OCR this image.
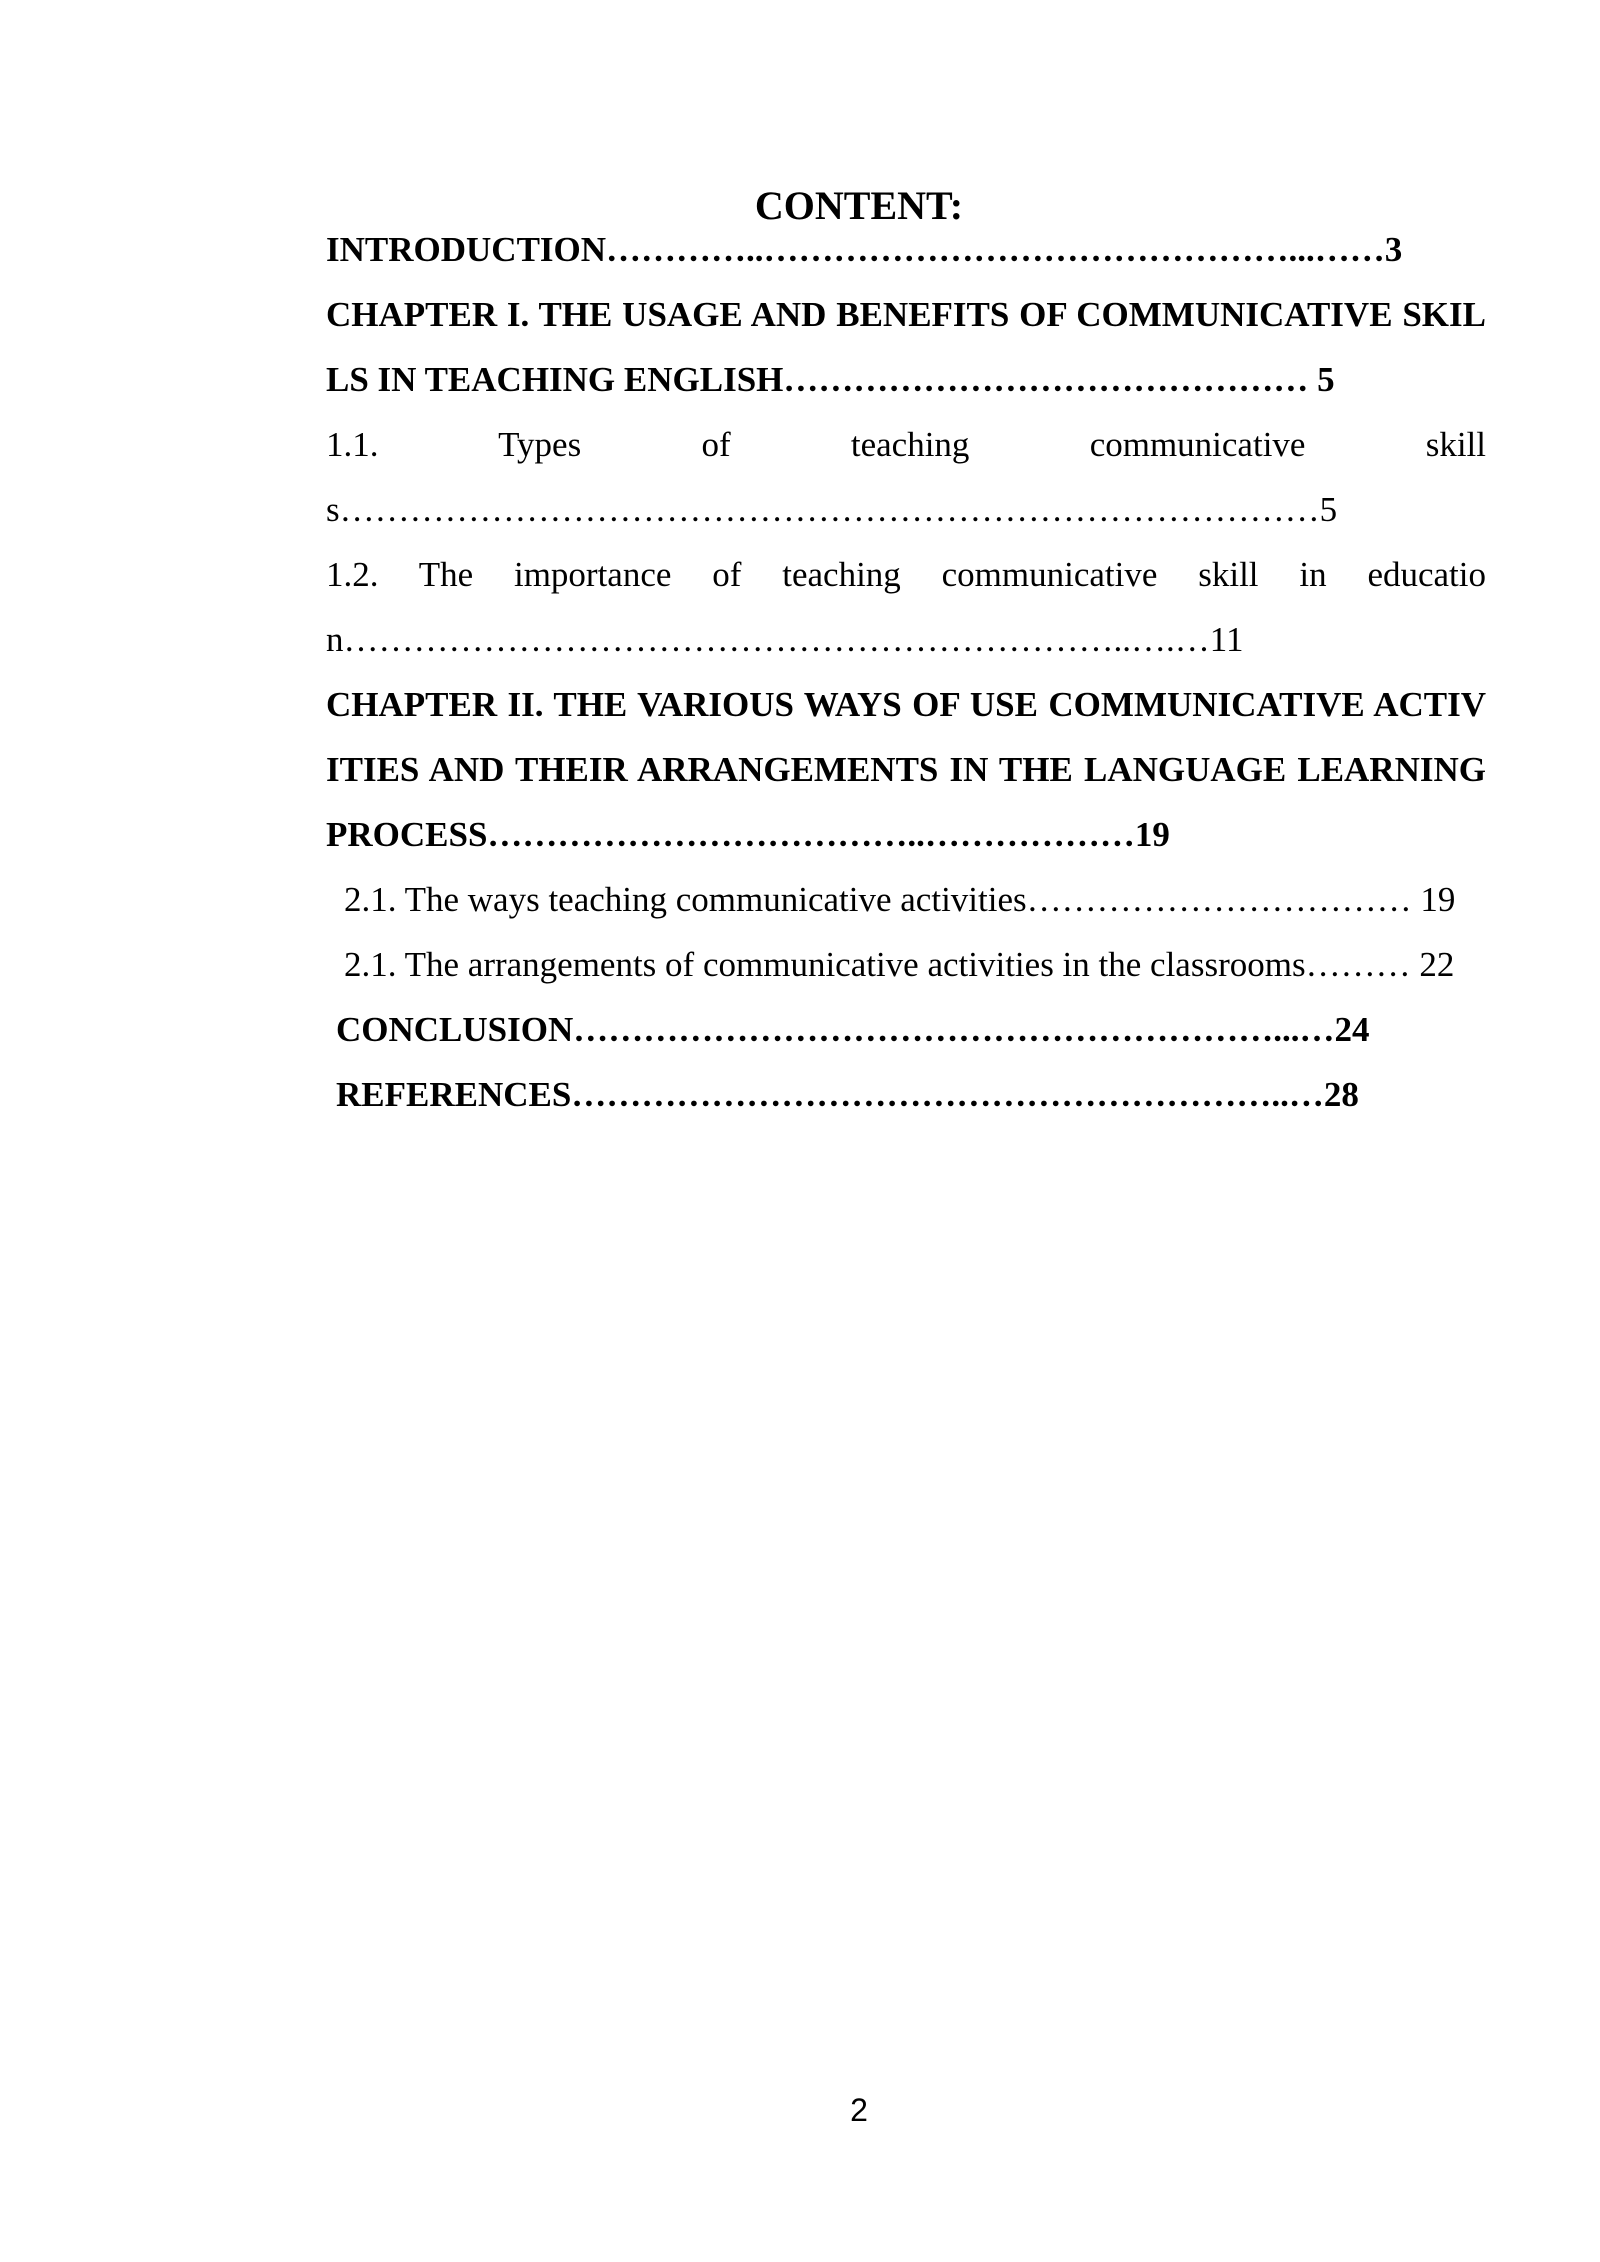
CONTENT:

INTRODUCTION…………..………………………………………...……3

CHAPTER I. THE USAGE AND BENEFITS OF COMMUNICATIVE SKILLS IN TEACHING ENGLISH……………………………………… 5

1.1. Types of teaching communicative skills…………………………………………………………………………5

1.2. The importance of teaching communicative skill in education…………………………………………………………..….…11

CHAPTER II. THE VARIOUS WAYS OF USE COMMUNICATIVE ACTIVITIES AND THEIR ARRANGEMENTS IN THE LANGUAGE LEARNING PROCESS………………………………..………………19

2.1. The ways teaching communicative activities…………………………… 19

2.1. The arrangements of communicative activities in the classrooms……… 22

CONCLUSION……………………………………………………...…24

REFERENCES……………………………………………………..…28

2
